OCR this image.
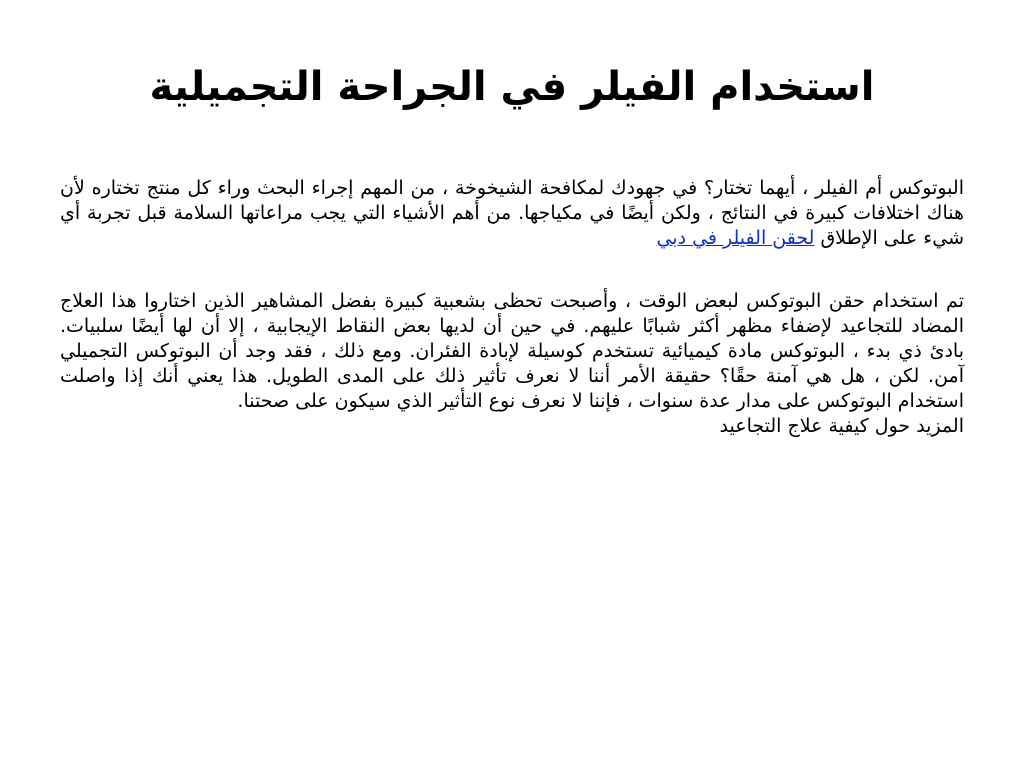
استخدام الفيلر في الجراحة التجميلية

البوتوكس أم الفيلر ، أيهما تختار؟ في جهودك لمكافحة الشيخوخة ، من المهم إجراء البحث وراء كل منتج تختاره لأن هناك اختلافات كبيرة في النتائج ، ولكن أيضًا في مكياجها. من أهم الأشياء التي يجب مراعاتها السلامة قبل تجربة أي شيء على الإطلاق لحقن الفيلر في دبي

تم استخدام حقن البوتوكس لبعض الوقت ، وأصبحت تحظى بشعبية كبيرة بفضل المشاهير الذين اختاروا هذا العلاج المضاد للتجاعيد لإضفاء مظهر أكثر شبابًا عليهم. في حين أن لديها بعض النقاط الإيجابية ، إلا أن لها أيضًا سلبيات. بادئ ذي بدء ، البوتوكس مادة كيميائية تستخدم كوسيلة لإبادة الفئران. ومع ذلك ، فقد وجد أن البوتوكس التجميلي آمن. لكن ، هل هي آمنة حقًا؟ حقيقة الأمر أننا لا نعرف تأثير ذلك على المدى الطويل. هذا يعني أنك إذا واصلت استخدام البوتوكس على مدار عدة سنوات ، فإننا لا نعرف نوع التأثير الذي سيكون على صحتنا.

المزيد حول كيفية علاج التجاعيد
